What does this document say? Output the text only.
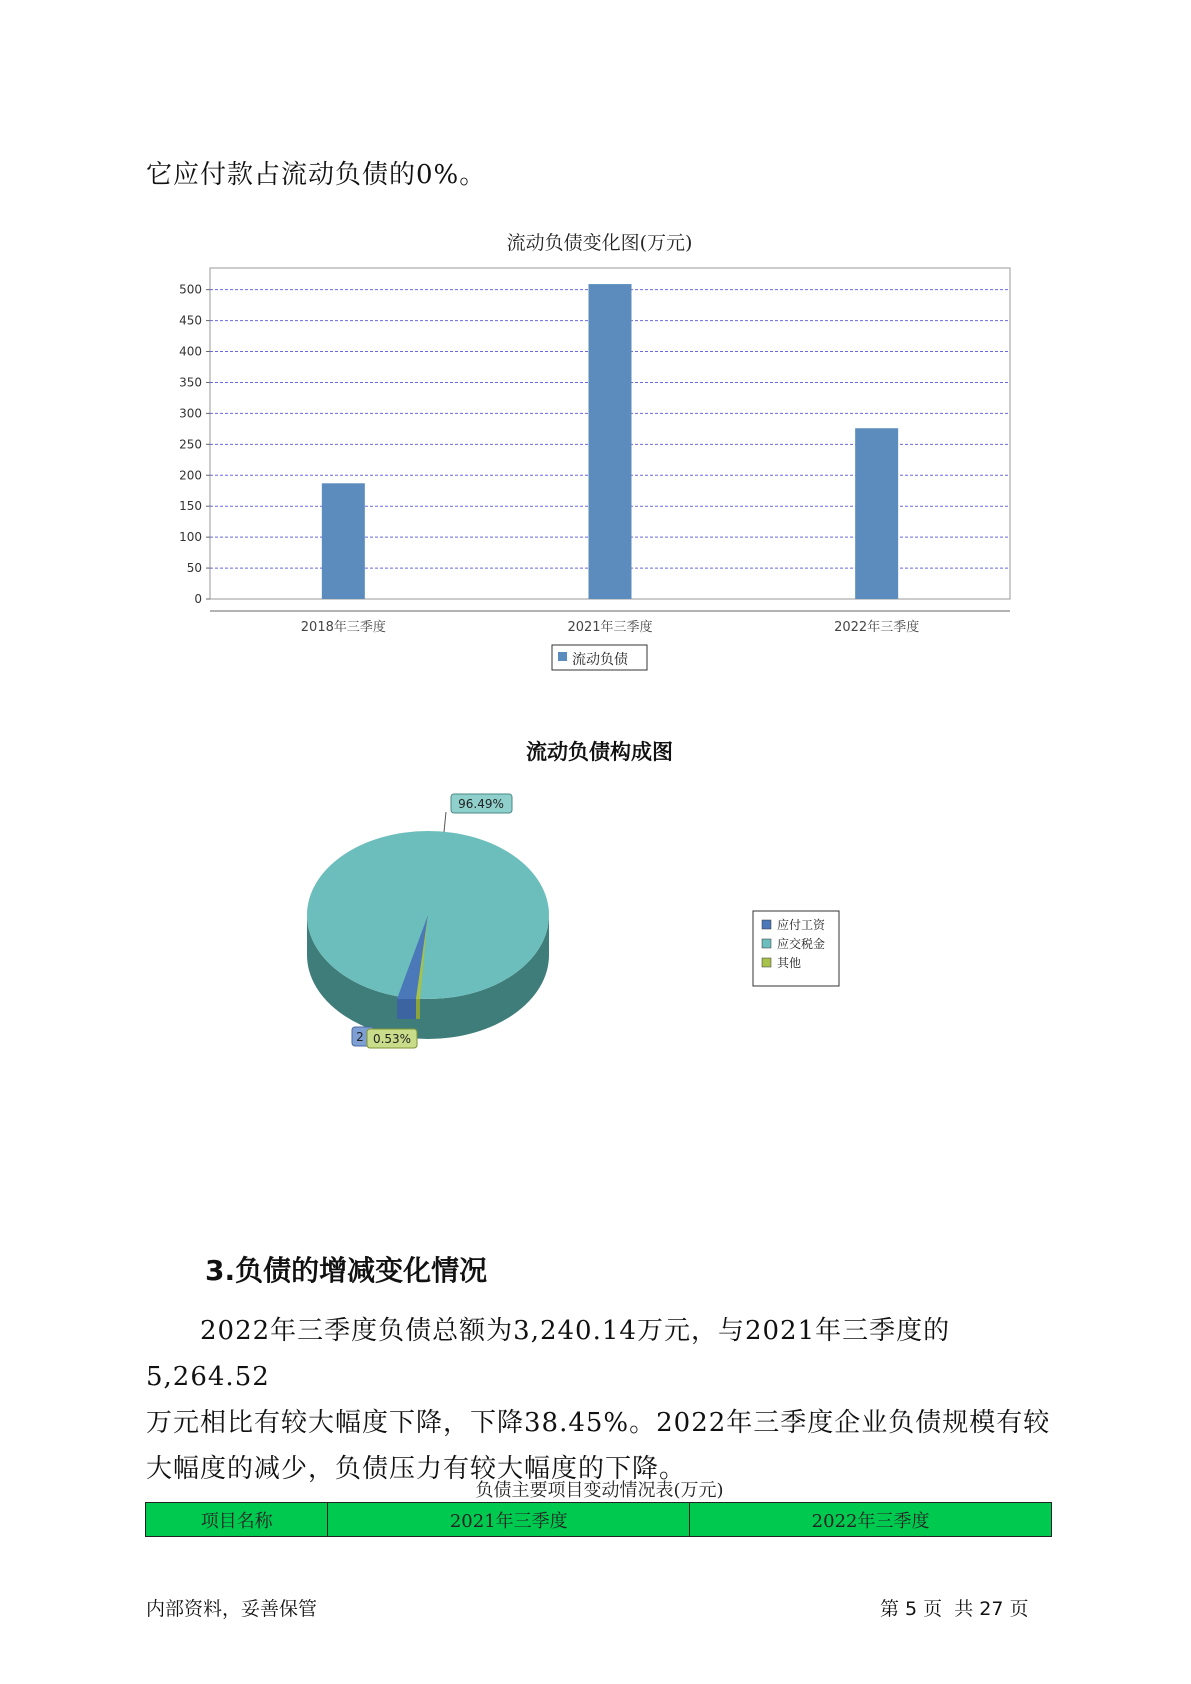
它应付款占流动负债的0%。
流动负债变化图(万元)
0
50
100
150
200
250
300
350
400
450
500
2018年三季度	2021年三季度	2022年三季度
流动负债
流动负债构成图
96.49%
2 0.53%
应付工资
应交税金
其他
3.负债的增减变化情况
2022年三季度负债总额为3,240.14万元，与2021年三季度的5,264.52
万元相比有较大幅度下降，下降38.45%。2022年三季度企业负债规模有较
大幅度的减少，负债压力有较大幅度的下降。
负债主要项目变动情况表(万元)
项目名称	2021年三季度	2022年三季度
内部资料，妥善保管	第 5 页  共 27 页
